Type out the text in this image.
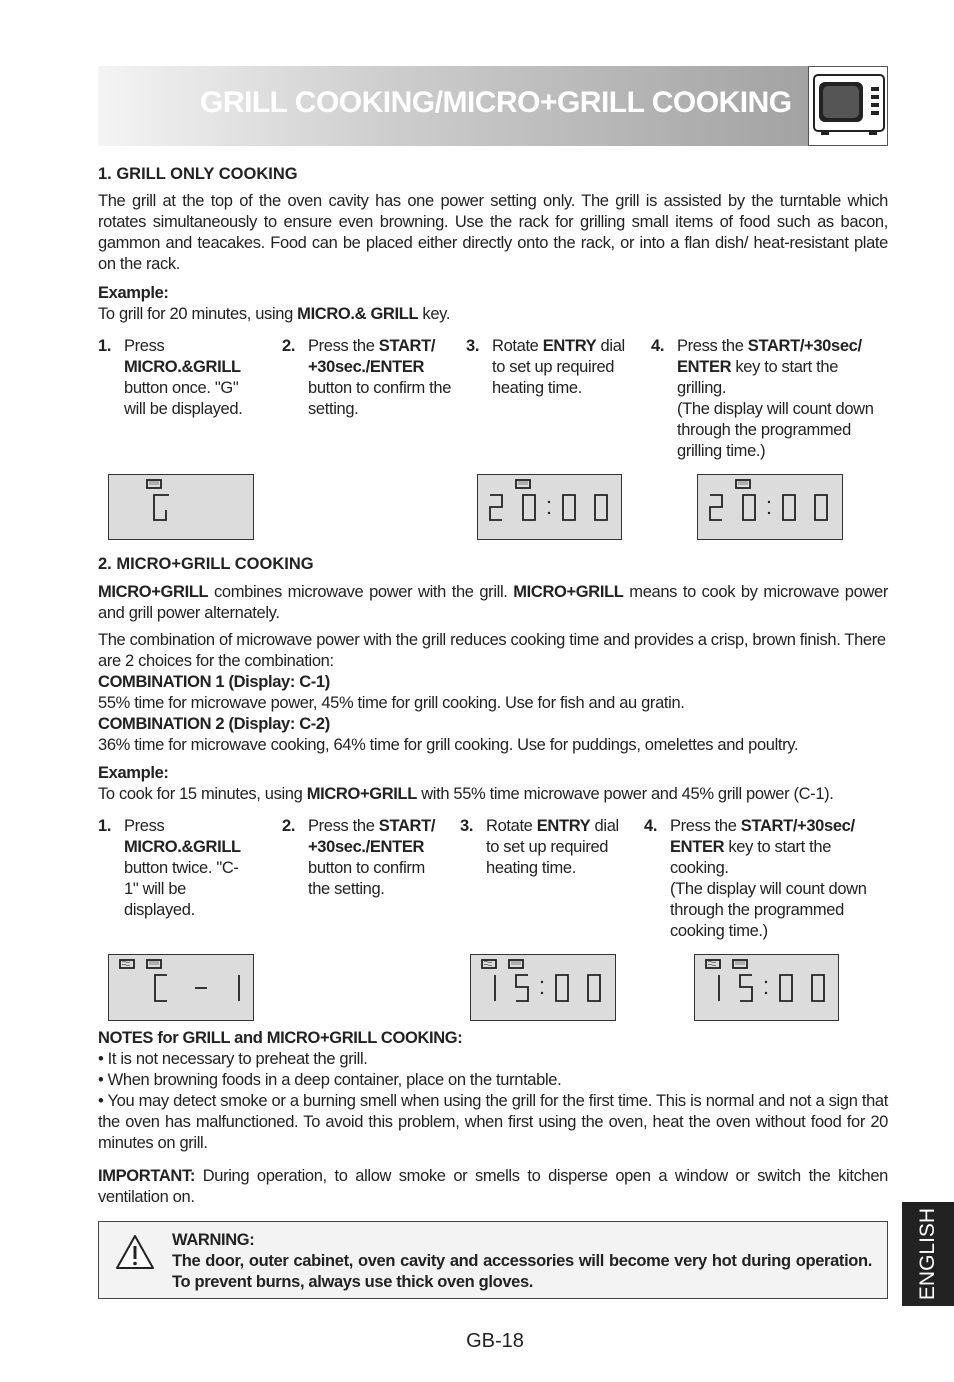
GRILL COOKING/MICRO+GRILL COOKING
1. GRILL ONLY COOKING
The grill at the top of the oven cavity has one power setting only. The grill is assisted by the turntable which rotates simultaneously to ensure even browning. Use the rack for grilling small items of food such as bacon, gammon and teacakes. Food can be placed either directly onto the rack, or into a flan dish/ heat-resistant plate on the rack.
Example:
To grill for 20 minutes, using MICRO.& GRILL key.
1. Press
MICRO.&GRILL
button once. "G" will be displayed.
2. Press the START/ +30sec./ENTER
button to confirm the setting.
3. Rotate ENTRY dial to set up required heating time.
4. Press the START/+30sec/ ENTER key to start the grilling.
(The display will count down through the programmed grilling time.)
2. MICRO+GRILL COOKING
MICRO+GRILL combines microwave power with the grill. MICRO+GRILL means to cook by microwave power and grill power alternately.
The combination of microwave power with the grill reduces cooking time and provides a crisp, brown finish. There are 2 choices for the combination:
COMBINATION 1 (Display: C-1)
55% time for microwave power, 45% time for grill cooking. Use for fish and au gratin.
COMBINATION 2 (Display: C-2)
36% time for microwave cooking, 64% time for grill cooking. Use for puddings, omelettes and poultry.
Example:
To cook for 15 minutes, using MICRO+GRILL with 55% time microwave power and 45% grill power (C-1).
1. Press
MICRO.&GRILL
button twice. "C-1" will be displayed.
2. Press the START/ +30sec./ENTER
button to confirm the setting.
3. Rotate ENTRY dial to set up required heating time.
4. Press the START/+30sec/ ENTER key to start the cooking.
(The display will count down through the programmed cooking time.)
NOTES for GRILL and MICRO+GRILL COOKING:
• It is not necessary to preheat the grill.
• When browning foods in a deep container, place on the turntable.
• You may detect smoke or a burning smell when using the grill for the first time. This is normal and not a sign that the oven has malfunctioned. To avoid this problem, when first using the oven, heat the oven without food for 20 minutes on grill.
IMPORTANT: During operation, to allow smoke or smells to disperse open a window or switch the kitchen ventilation on.
WARNING:
The door, outer cabinet, oven cavity and accessories will become very hot during operation. To prevent burns, always use thick oven gloves.	ENGLISH
GB-18
